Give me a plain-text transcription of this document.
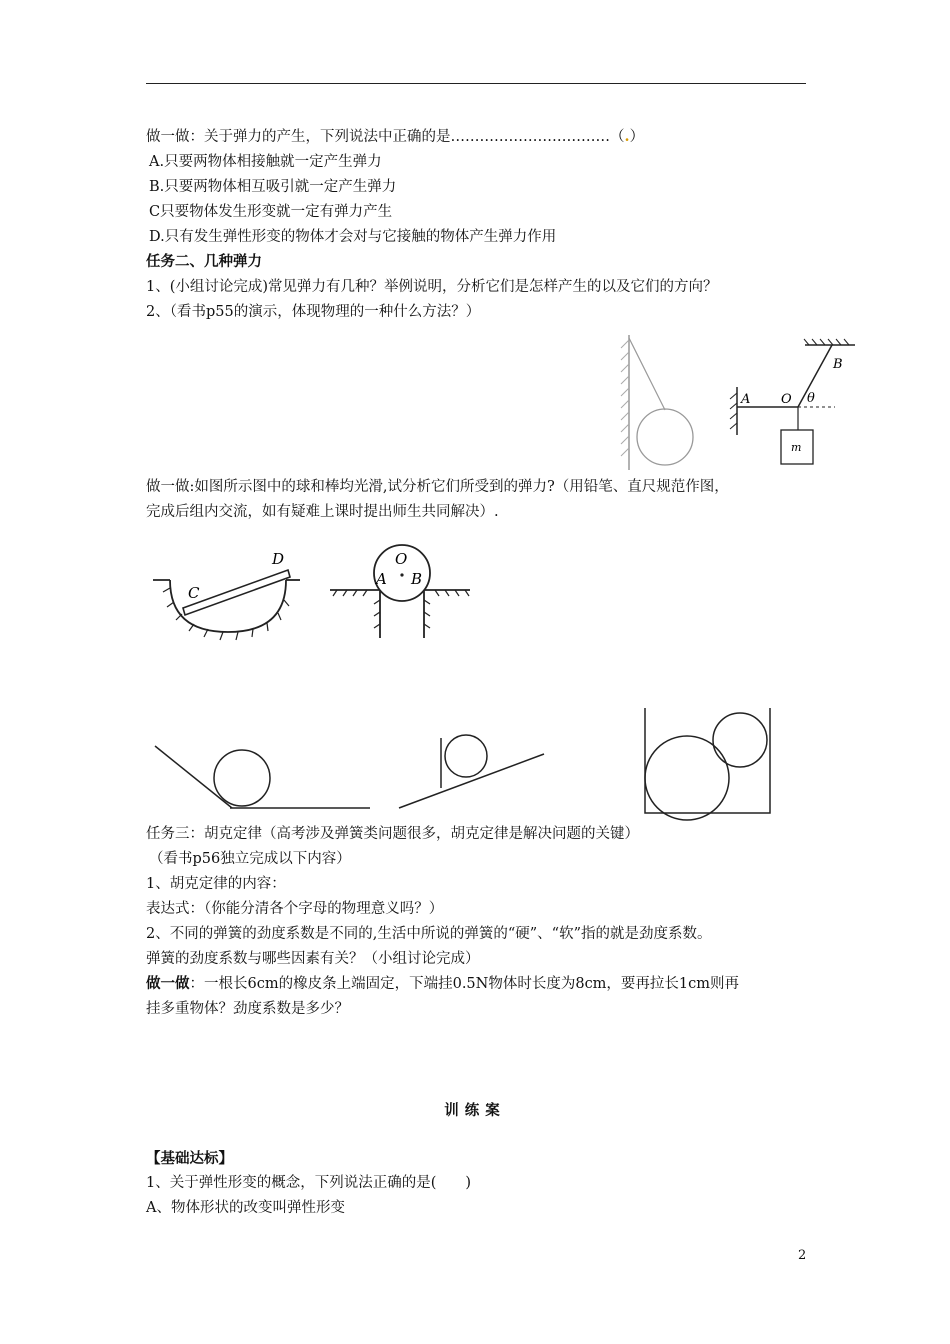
做一做：关于弹力的产生，下列说法中正确的是……………………………（.）
A.只要两物体相接触就一定产生弹力
B.只要两物体相互吸引就一定产生弹力
C只要物体发生形变就一定有弹力产生
D.只有发生弹性形变的物体才会对与它接触的物体产生弹力作用
任务二、几种弹力
1、(小组讨论完成)常见弹力有几种？举例说明，分析它们是怎样产生的以及它们的方向？
2、（看书p55的演示，体现物理的一种什么方法？）
B
A O θ
m
做一做:如图所示图中的球和棒均光滑,试分析它们所受到的弹力?（用铅笔、直尺规范作图，
完成后组内交流，如有疑难上课时提出师生共同解决）.
C
D	O
A B
任务三：胡克定律（高考涉及弹簧类问题很多，胡克定律是解决问题的关键）
（看书p56独立完成以下内容）
1、胡克定律的内容：
表达式：（你能分清各个字母的物理意义吗？）
2、不同的弹簧的劲度系数是不同的,生活中所说的弹簧的“硬”、“软”指的就是劲度系数。
弹簧的劲度系数与哪些因素有关？（小组讨论完成）
做一做：一根长6cm的橡皮条上端固定，下端挂0.5N物体时长度为8cm，要再拉长1cm则再
挂多重物体？劲度系数是多少？
训练案
【基础达标】
1、关于弹性形变的概念，下列说法正确的是(　　)
A、物体形状的改变叫弹性形变
2
